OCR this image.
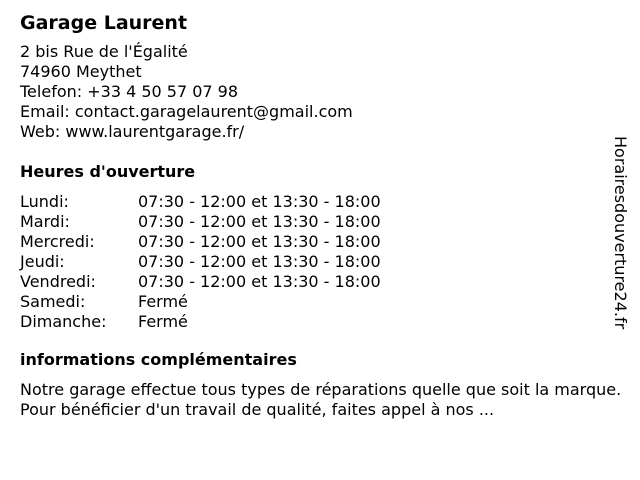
Garage Laurent
2 bis Rue de l'Égalité
74960 Meythet
Telefon: +33 4 50 57 07 98
Email: contact.garagelaurent@gmail.com
Web: www.laurentgarage.fr/
Heures d'ouverture
Lundi:	07:30 - 12:00 et 13:30 - 18:00
Mardi:	07:30 - 12:00 et 13:30 - 18:00
Mercredi:	07:30 - 12:00 et 13:30 - 18:00
Jeudi:	07:30 - 12:00 et 13:30 - 18:00
Vendredi:	07:30 - 12:00 et 13:30 - 18:00
Samedi:	Fermé
Dimanche:	Fermé
informations complémentaires
Notre garage effectue tous types de réparations quelle que soit la marque. Pour bénéficier d'un travail de qualité, faites appel à nos ...
Horairesdouverture24.fr
